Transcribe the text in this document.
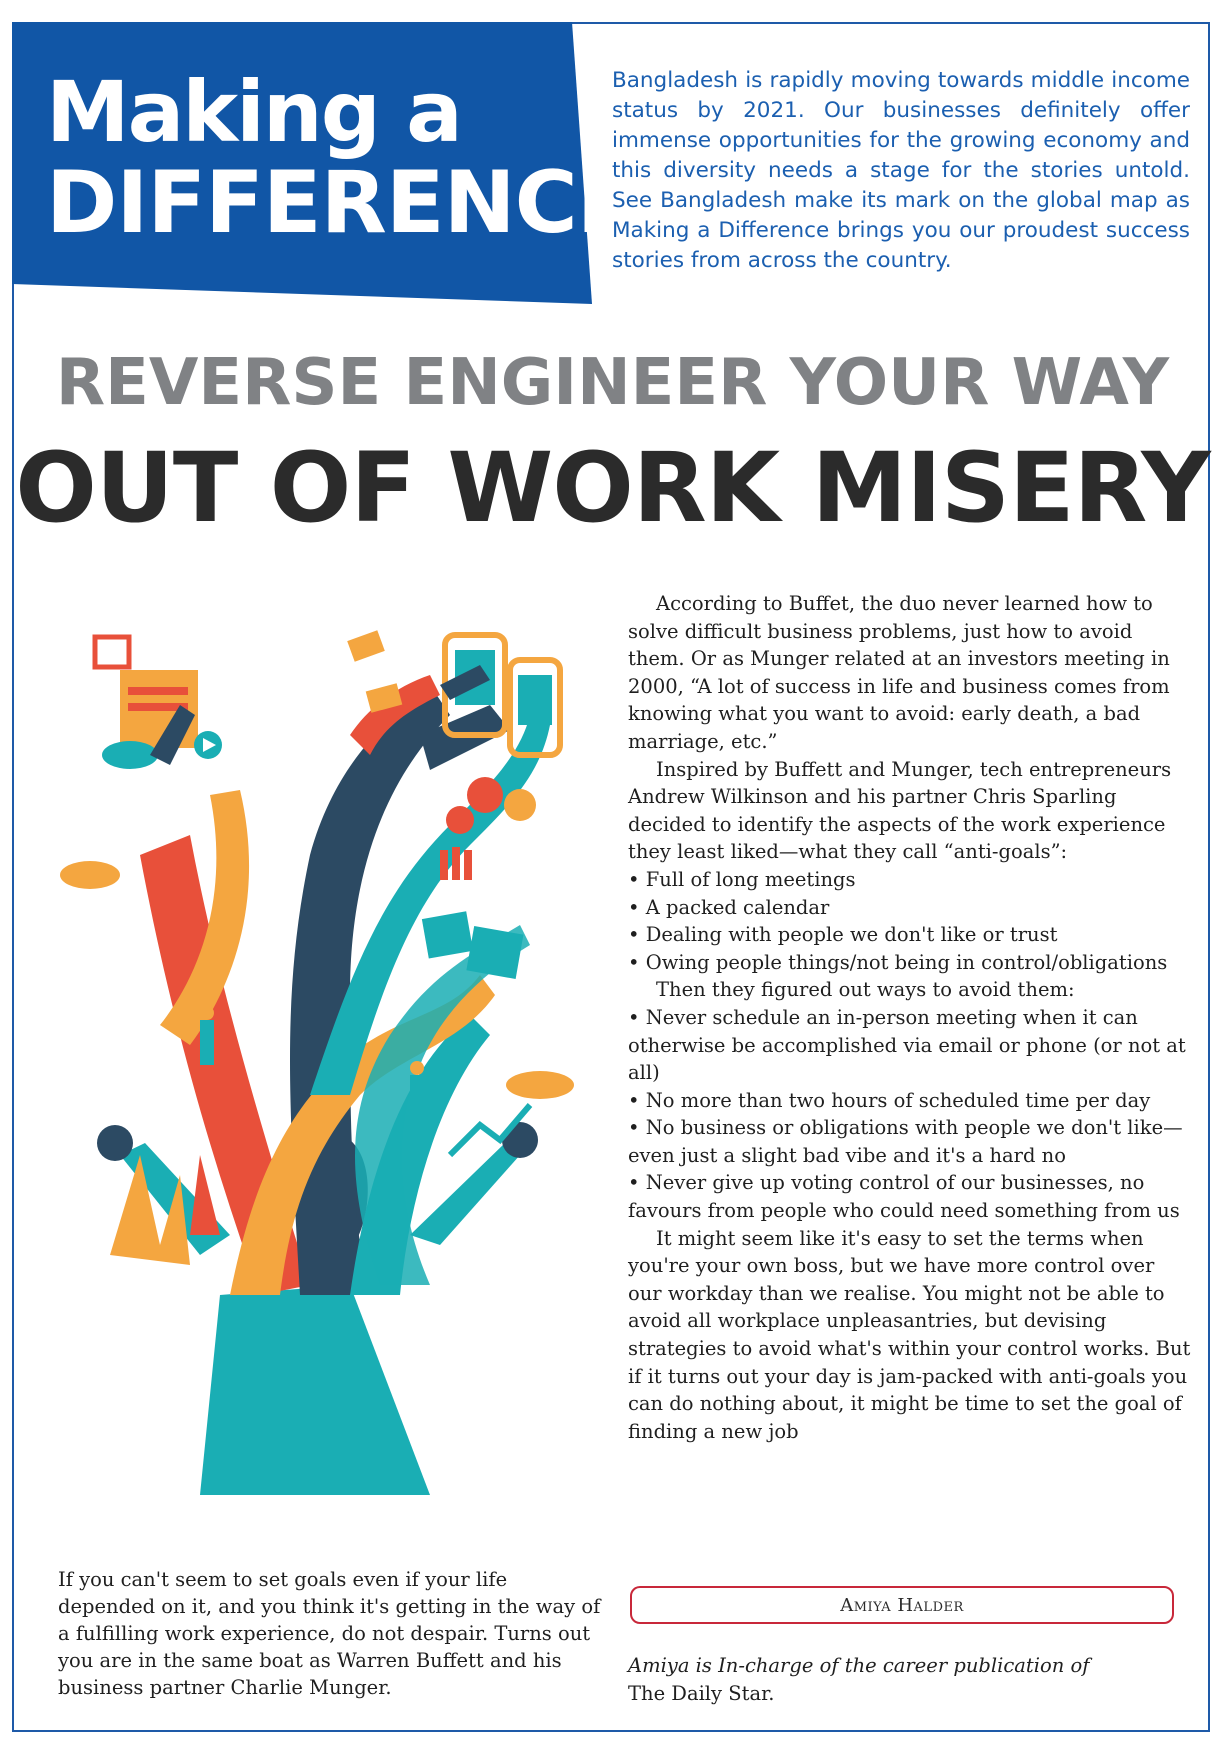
Making a
DIFFERENCE
Bangladesh is rapidly moving towards middle income status by 2021. Our businesses definitely offer immense opportunities for the growing economy and this diversity needs a stage for the stories untold. See Bangladesh make its mark on the global map as Making a Difference brings you our proudest success stories from across the country.
REVERSE ENGINEER YOUR WAY
OUT OF WORK MISERY
If you can't seem to set goals even if your life depended on it, and you think it's getting in the way of a fulfilling work experience, do not despair. Turns out you are in the same boat as Warren Buffett and his business partner Charlie Munger.

According to Buffet, the duo never learned how to solve difficult business problems, just how to avoid them. Or as Munger related at an investors meeting in 2000, “A lot of success in life and business comes from knowing what you want to avoid: early death, a bad marriage, etc.”

Inspired by Buffett and Munger, tech entrepreneurs Andrew Wilkinson and his partner Chris Sparling decided to identify the aspects of the work experience they least liked—what they call “anti-goals”:

• Full of long meetings

• A packed calendar

• Dealing with people we don't like or trust

• Owing people things/not being in control/obligations

Then they figured out ways to avoid them:

• Never schedule an in-person meeting when it can otherwise be accomplished via email or phone (or not at all)

• No more than two hours of scheduled time per day

• No business or obligations with people we don't like—even just a slight bad vibe and it's a hard no

• Never give up voting control of our businesses, no favours from people who could need something from us

It might seem like it's easy to set the terms when you're your own boss, but we have more control over our workday than we realise. You might not be able to avoid all workplace unpleasantries, but devising strategies to avoid what's within your control works. But if it turns out your day is jam-packed with anti-goals you can do nothing about, it might be time to set the goal of finding a new job

Amiya Halder
Amiya is In-charge of the career publication of
The Daily Star.
